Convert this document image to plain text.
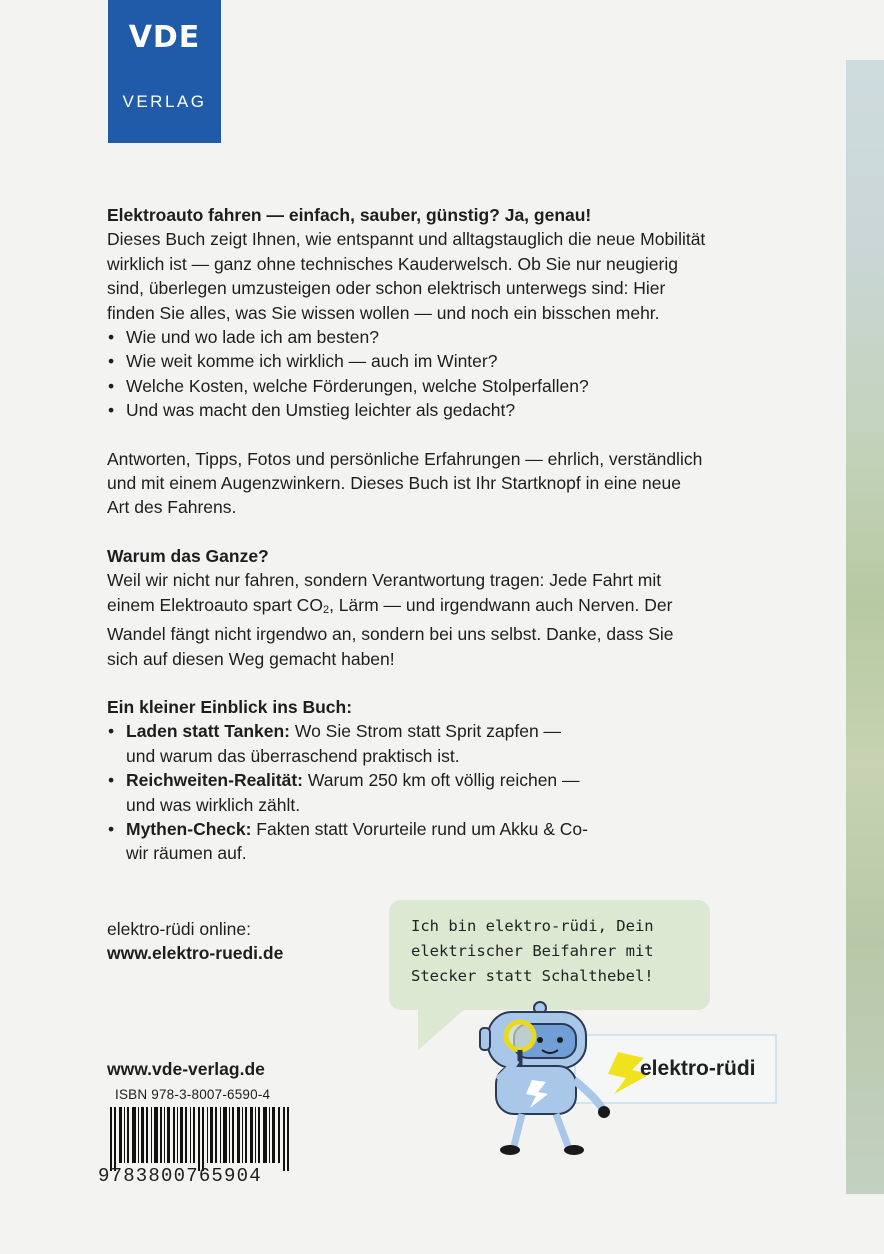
VDE
VERLAG

Elektroauto fahren — einfach, sauber, günstig? Ja, genau!

Dieses Buch zeigt Ihnen, wie entspannt und alltagstauglich die neue Mobilität

wirklich ist — ganz ohne technisches Kauderwelsch. Ob Sie nur neugierig

sind, überlegen umzusteigen oder schon elektrisch unterwegs sind: Hier

finden Sie alles, was Sie wissen wollen — und noch ein bisschen mehr.

• Wie und wo lade ich am besten?
• Wie weit komme ich wirklich — auch im Winter?
• Welche Kosten, welche Förderungen, welche Stolperfallen?
• Und was macht den Umstieg leichter als gedacht?

Antworten, Tipps, Fotos und persönliche Erfahrungen — ehrlich, verständlich

und mit einem Augenzwinkern. Dieses Buch ist Ihr Startknopf in eine neue

Art des Fahrens.

Warum das Ganze?

Weil wir nicht nur fahren, sondern Verantwortung tragen: Jede Fahrt mit

einem Elektroauto spart CO2, Lärm — und irgendwann auch Nerven. Der

Wandel fängt nicht irgendwo an, sondern bei uns selbst. Danke, dass Sie

sich auf diesen Weg gemacht haben!

Ein kleiner Einblick ins Buch:

• Laden statt Tanken: Wo Sie Strom statt Sprit zapfen —
und warum das überraschend praktisch ist.
• Reichweiten-Realität: Warum 250 km oft völlig reichen —
und was wirklich zählt.
• Mythen-Check: Fakten statt Vorurteile rund um Akku & Co-
wir räumen auf.
elektro-rüdi online:
www.elektro-ruedi.de
www.vde-verlag.de
ISBN 978-3-8007-6590-4
9783800765904
Ich bin elektro-rüdi, Dein
elektrischer Beifahrer mit
Stecker statt Schalthebel!
elektro-rüdi
